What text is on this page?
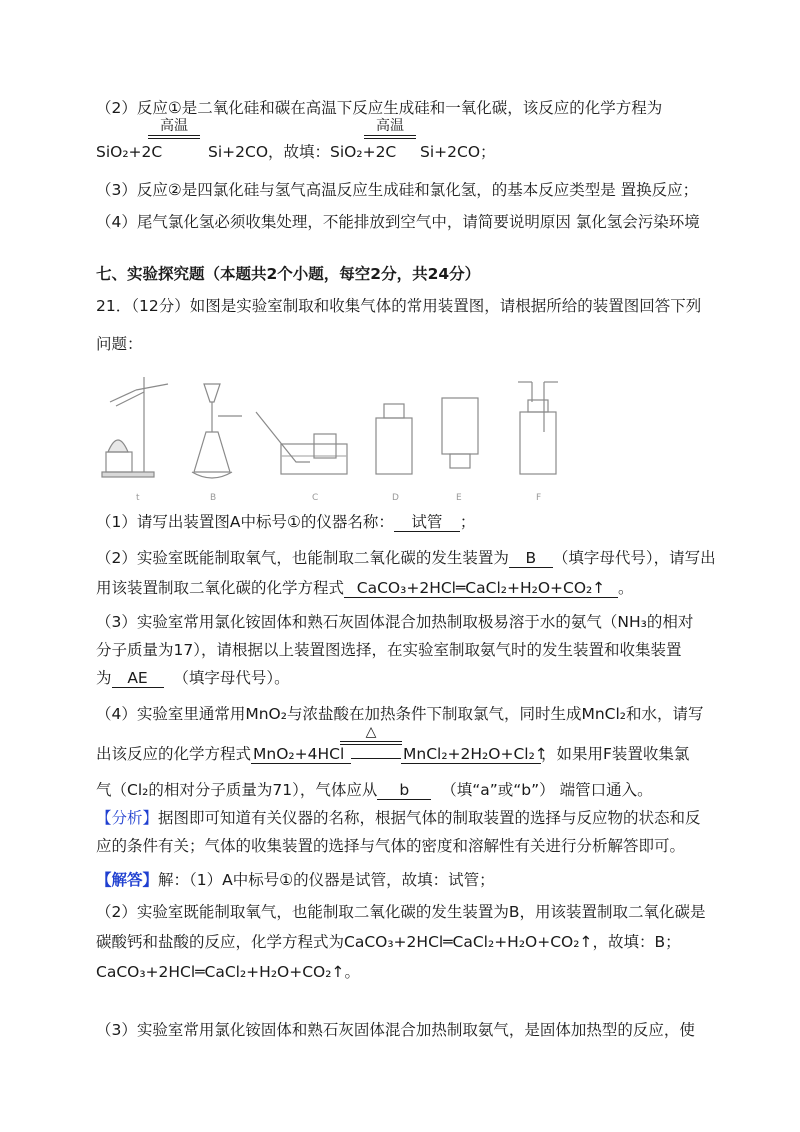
（2）反应①是二氧化硅和碳在高温下反应生成硅和一氧化碳，该反应的化学方程为
高温
SiO₂+2C	Si+2CO，故填：SiO₂+2C
高温
Si+2CO；
（3）反应②是四氯化硅与氢气高温反应生成硅和氯化氢，的基本反应类型是 置换反应；
（4）尾气氯化氢必须收集处理，不能排放到空气中，请简要说明原因 氯化氢会污染环境
七、实验探究题（本题共2个小题，每空2分，共24分）
21．（12分）如图是实验室制取和收集气体的常用装置图，请根据所给的装置图回答下列
问题：
t	B	C	D	E	F
（1）请写出装置图A中标号①的仪器名称： 试管 ；
（2）实验室既能制取氧气，也能制取二氧化碳的发生装置为 B （填字母代号），请写出
用该装置制取二氧化碳的化学方程式 CaCO₃+2HCl═CaCl₂+H₂O+CO₂↑ 。
（3）实验室常用氯化铵固体和熟石灰固体混合加热制取极易溶于水的氨气（NH₃的相对
分子质量为17），请根据以上装置图选择，在实验室制取氨气时的发生装置和收集装置
为 AE （填字母代号）。
（4）实验室里通常用MnO₂与浓盐酸在加热条件下制取氯气，同时生成MnCl₂和水，请写
△
出该反应的化学方程式 MnO₂+4HCl	MnCl₂+2H₂O+Cl₂↑，如果用F装置收集氯
气（Cl₂的相对分子质量为71），气体应从 b （填“a”或“b”） 端管口通入。
【分析】据图即可知道有关仪器的名称，根据气体的制取装置的选择与反应物的状态和反
应的条件有关；气体的收集装置的选择与气体的密度和溶解性有关进行分析解答即可。
【解答】解：（1）A中标号①的仪器是试管，故填：试管；
（2）实验室既能制取氧气，也能制取二氧化碳的发生装置为B，用该装置制取二氧化碳是
碳酸钙和盐酸的反应，化学方程式为CaCO₃+2HCl═CaCl₂+H₂O+CO₂↑，故填：B；
CaCO₃+2HCl═CaCl₂+H₂O+CO₂↑。
（3）实验室常用氯化铵固体和熟石灰固体混合加热制取氨气，是固体加热型的反应，使
